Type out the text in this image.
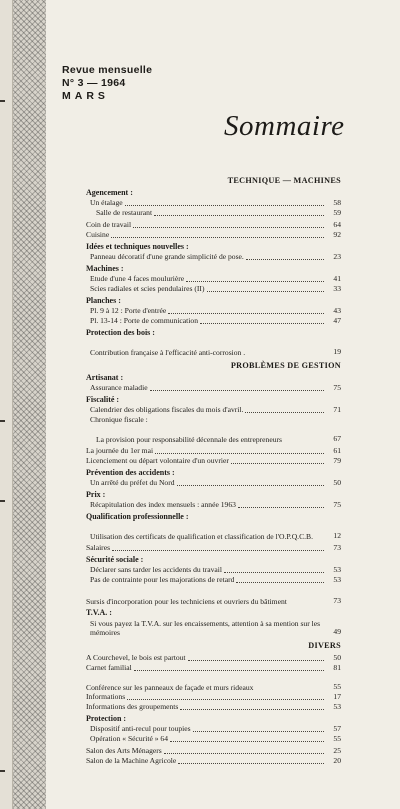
Revue mensuelle
N° 3 — 1964
MARS
Sommaire
TECHNIQUE — MACHINES
Agencement :
Un étalage	58
Salle de restaurant	59
Coin de travail	64
Cuisine	92
Idées et techniques nouvelles :
Panneau décoratif d'une grande simplicité de pose.	23
Machines :
Etude d'une 4 faces moulurière	41
Scies radiales et scies pendulaires (II)	33
Planches :
Pl. 9 à 12 : Porte d'entrée	43
Pl. 13-14 : Porte de communication	47
Protection des bois :
Contribution française à l'efficacité anti-corrosion .	19
PROBLÈMES DE GESTION
Artisanat :
Assurance maladie	75
Fiscalité :
Calendrier des obligations fiscales du mois d'avril.	71
Chronique fiscale :
La provision pour responsabilité décennale des entrepreneurs	67
La journée du 1er mai	61
Licenciement ou départ volontaire d'un ouvrier	79
Prévention des accidents :
Un arrêté du préfet du Nord	50
Prix :
Récapitulation des index mensuels : année 1963	75
Qualification professionnelle :
Utilisation des certificats de qualification et classification de l'O.P.Q.C.B.	12
Salaires	73
Sécurité sociale :
Déclarer sans tarder les accidents du travail	53
Pas de contrainte pour les majorations de retard	53
Sursis d'incorporation pour les techniciens et ouvriers du bâtiment	73
T.V.A. :
Si vous payez la T.V.A. sur les encaissements, attention à sa mention sur les mémoires	49
DIVERS
A Courchevel, le bois est partout	50
Carnet familial	81
Conférence sur les panneaux de façade et murs rideaux	55
Informations	17
Informations des groupements	53
Protection :
Dispositif anti-recul pour toupies	57
Opération « Sécurité » 64	55
Salon des Arts Ménagers	25
Salon de la Machine Agricole	20
